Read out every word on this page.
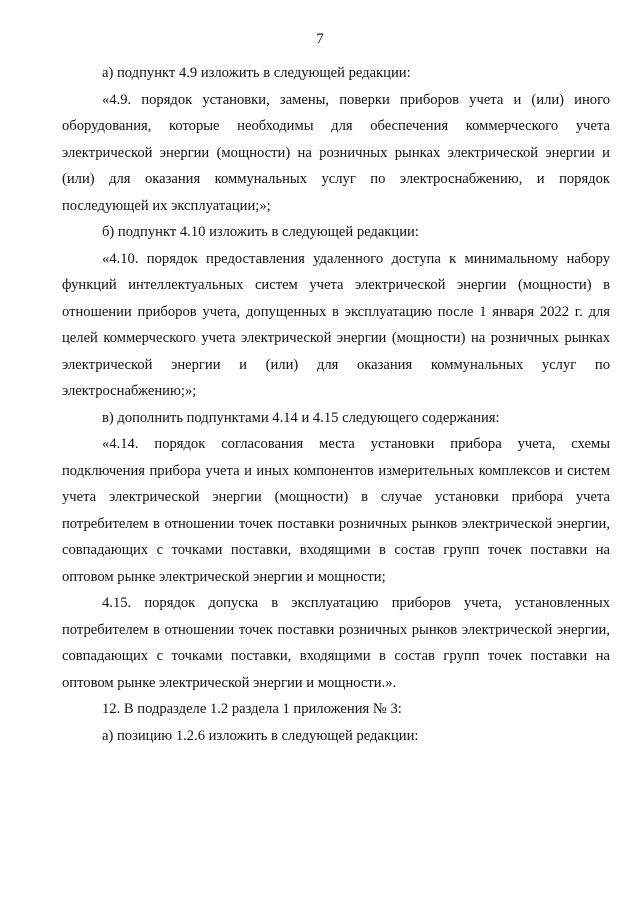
7

а) подпункт 4.9 изложить в следующей редакции:

«4.9. порядок установки, замены, поверки приборов учета и (или) иного оборудования, которые необходимы для обеспечения коммерческого учета электрической энергии (мощности) на розничных рынках электрической энергии и (или) для оказания коммунальных услуг по электроснабжению, и порядок последующей их эксплуатации;»;

б) подпункт 4.10 изложить в следующей редакции:

«4.10. порядок предоставления удаленного доступа к минимальному набору функций интеллектуальных систем учета электрической энергии (мощности) в отношении приборов учета, допущенных в эксплуатацию после 1 января 2022 г. для целей коммерческого учета электрической энергии (мощности) на розничных рынках электрической энергии и (или) для оказания коммунальных услуг по электроснабжению;»;

в) дополнить подпунктами 4.14 и 4.15 следующего содержания:

«4.14. порядок согласования места установки прибора учета, схемы подключения прибора учета и иных компонентов измерительных комплексов и систем учета электрической энергии (мощности) в случае установки прибора учета потребителем в отношении точек поставки розничных рынков электрической энергии, совпадающих с точками поставки, входящими в состав групп точек поставки на оптовом рынке электрической энергии и мощности;

4.15. порядок допуска в эксплуатацию приборов учета, установленных потребителем в отношении точек поставки розничных рынков электрической энергии, совпадающих с точками поставки, входящими в состав групп точек поставки на оптовом рынке электрической энергии и мощности.».

12. В подразделе 1.2 раздела 1 приложения № 3:

а) позицию 1.2.6 изложить в следующей редакции:
